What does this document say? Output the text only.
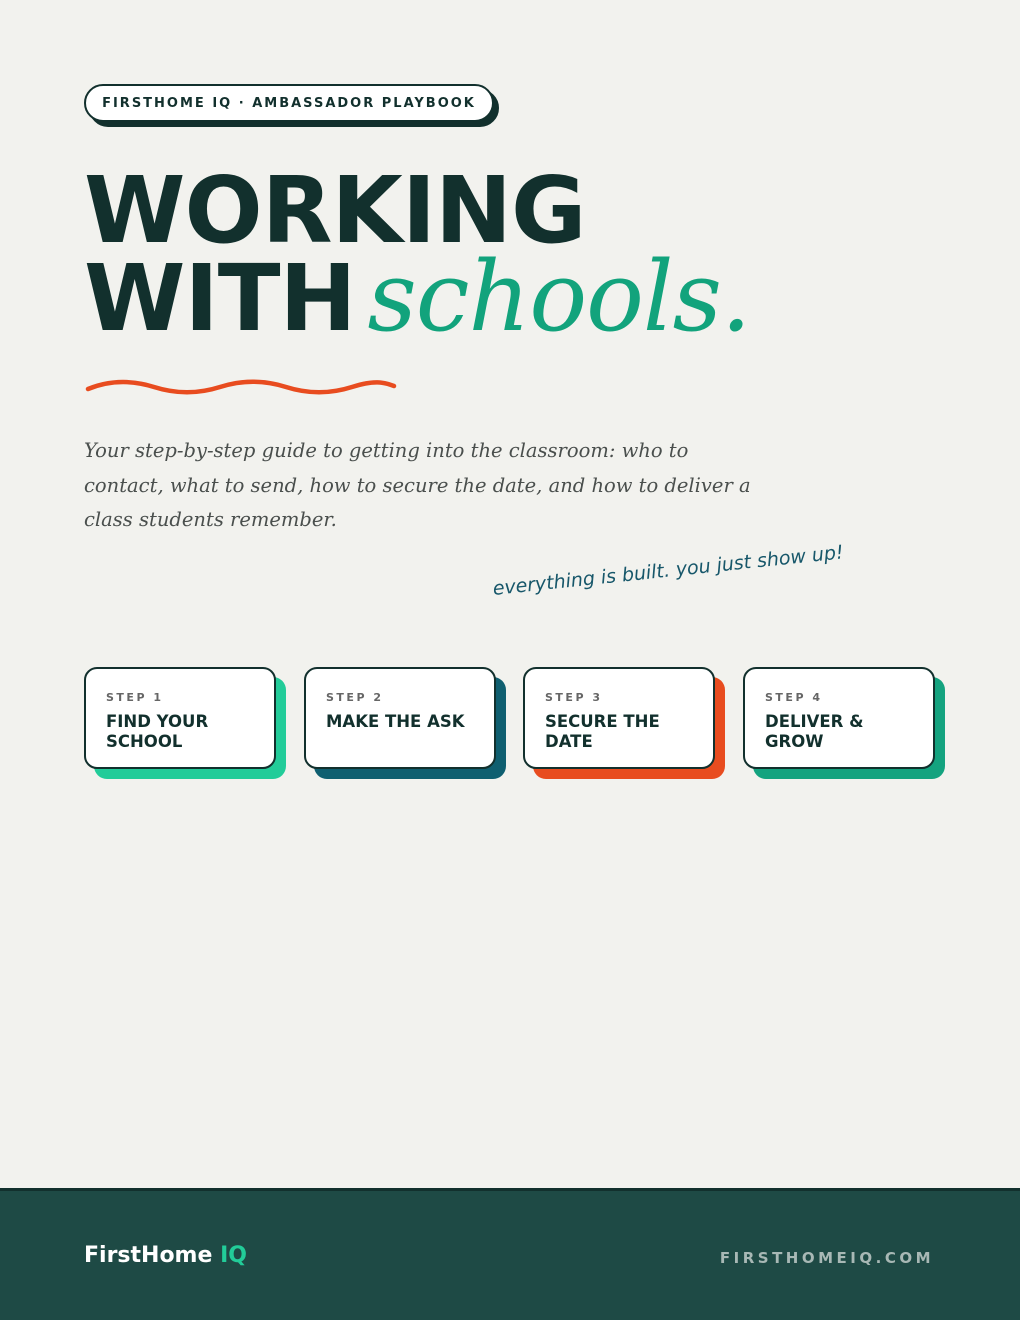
FIRSTHOME IQ · AMBASSADOR PLAYBOOK
WORKING
WITH schools.

Your step-by-step guide to getting into the classroom: who to contact, what to send, how to secure the date, and how to deliver a class students remember.

everything is built. you just show up!

STEP 1
FIND YOUR SCHOOL
STEP 2
MAKE THE ASK
STEP 3
SECURE THE DATE
STEP 4
DELIVER & GROW

FirstHome IQ	FIRSTHOMEIQ.COM
